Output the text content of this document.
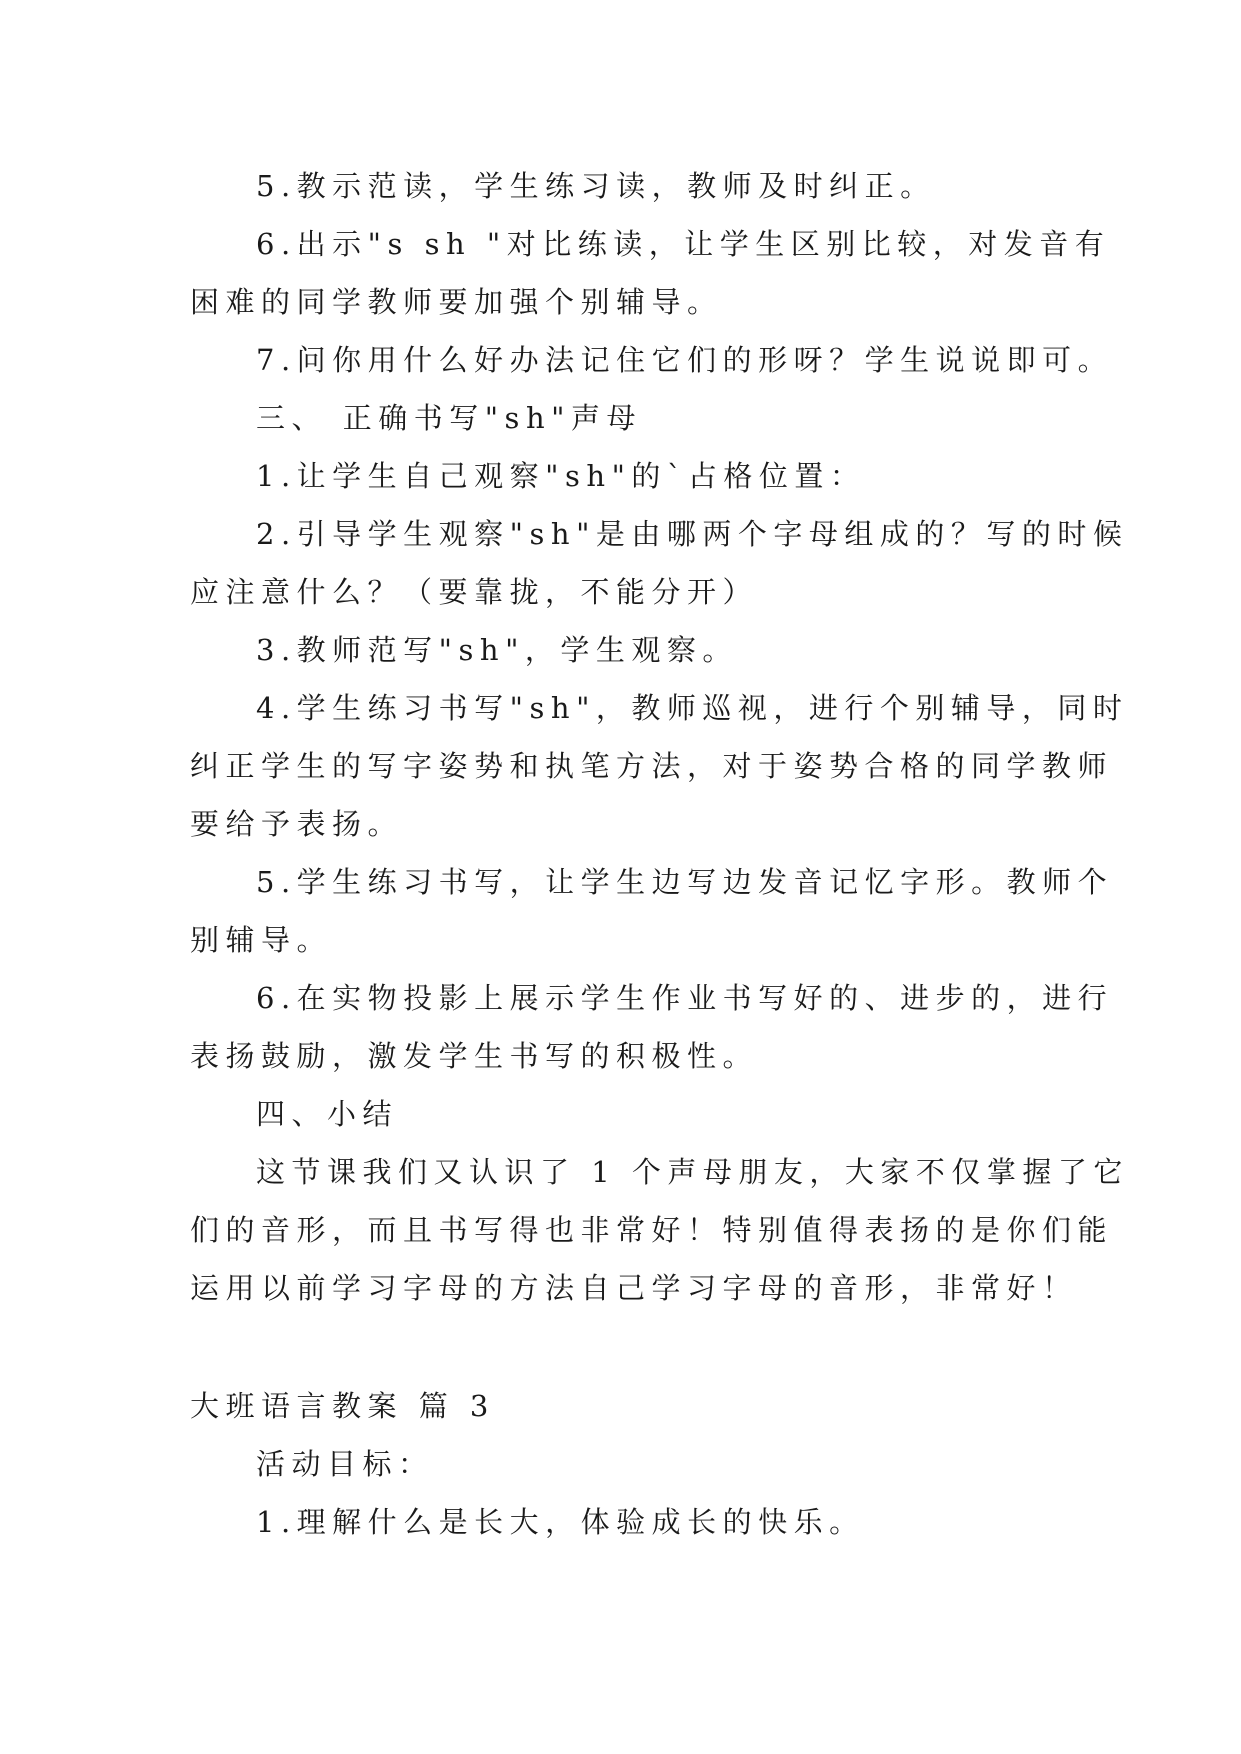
5.教示范读，学生练习读，教师及时纠正。
6.出示"s sh "对比练读，让学生区别比较，对发音有
困难的同学教师要加强个别辅导。
7.问你用什么好办法记住它们的形呀？学生说说即可。
三、 正确书写"sh"声母
1.让学生自己观察"sh"的`占格位置：
2.引导学生观察"sh"是由哪两个字母组成的？写的时候
应注意什么？（要靠拢，不能分开）
3.教师范写"sh"，学生观察。
4.学生练习书写"sh"，教师巡视，进行个别辅导，同时
纠正学生的写字姿势和执笔方法，对于姿势合格的同学教师
要给予表扬。
5.学生练习书写，让学生边写边发音记忆字形。教师个
别辅导。
6.在实物投影上展示学生作业书写好的、进步的，进行
表扬鼓励，激发学生书写的积极性。
四、小结
这节课我们又认识了 1 个声母朋友，大家不仅掌握了它
们的音形，而且书写得也非常好！特别值得表扬的是你们能
运用以前学习字母的方法自己学习字母的音形，非常好！
大班语言教案 篇 3
活动目标：
1.理解什么是长大，体验成长的快乐。
